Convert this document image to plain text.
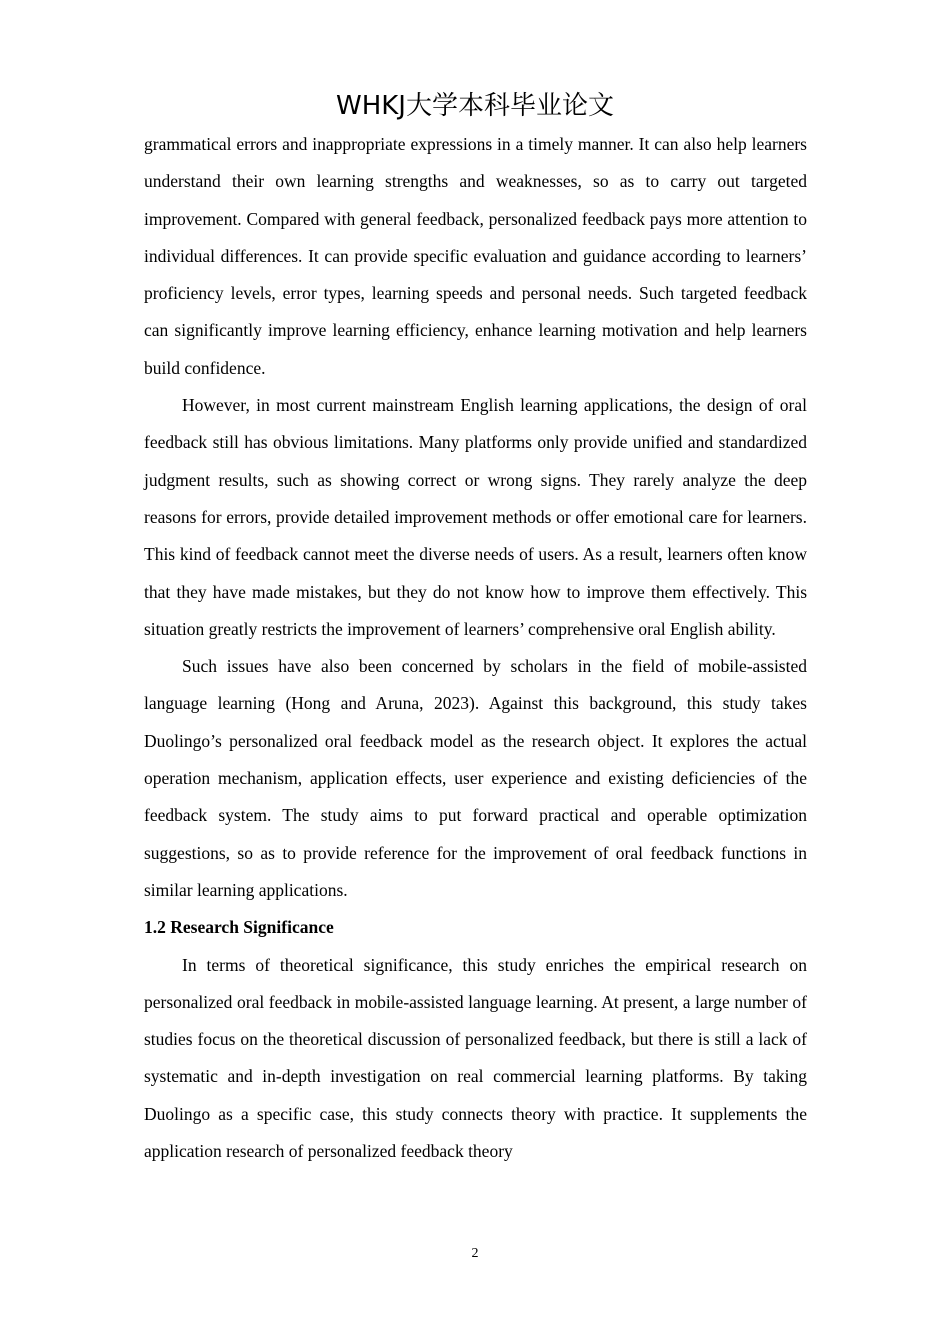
WHKJ大学本科毕业论文

grammatical errors and inappropriate expressions in a timely manner. It can also help learners understand their own learning strengths and weaknesses, so as to carry out targeted improvement. Compared with general feedback, personalized feedback pays more attention to individual differences. It can provide specific evaluation and guidance according to learners’ proficiency levels, error types, learning speeds and personal needs. Such targeted feedback can significantly improve learning efficiency, enhance learning motivation and help learners build confidence.

However, in most current mainstream English learning applications, the design of oral feedback still has obvious limitations. Many platforms only provide unified and standardized judgment results, such as showing correct or wrong signs. They rarely analyze the deep reasons for errors, provide detailed improvement methods or offer emotional care for learners. This kind of feedback cannot meet the diverse needs of users. As a result, learners often know that they have made mistakes, but they do not know how to improve them effectively. This situation greatly restricts the improvement of learners’ comprehensive oral English ability.

Such issues have also been concerned by scholars in the field of mobile-assisted language learning (Hong and Aruna, 2023). Against this background, this study takes Duolingo’s personalized oral feedback model as the research object. It explores the actual operation mechanism, application effects, user experience and existing deficiencies of the feedback system. The study aims to put forward practical and operable optimization suggestions, so as to provide reference for the improvement of oral feedback functions in similar learning applications.

1.2 Research Significance

In terms of theoretical significance, this study enriches the empirical research on personalized oral feedback in mobile-assisted language learning. At present, a large number of studies focus on the theoretical discussion of personalized feedback, but there is still a lack of systematic and in-depth investigation on real commercial learning platforms. By taking Duolingo as a specific case, this study connects theory with practice. It supplements the application research of personalized feedback theory

2
